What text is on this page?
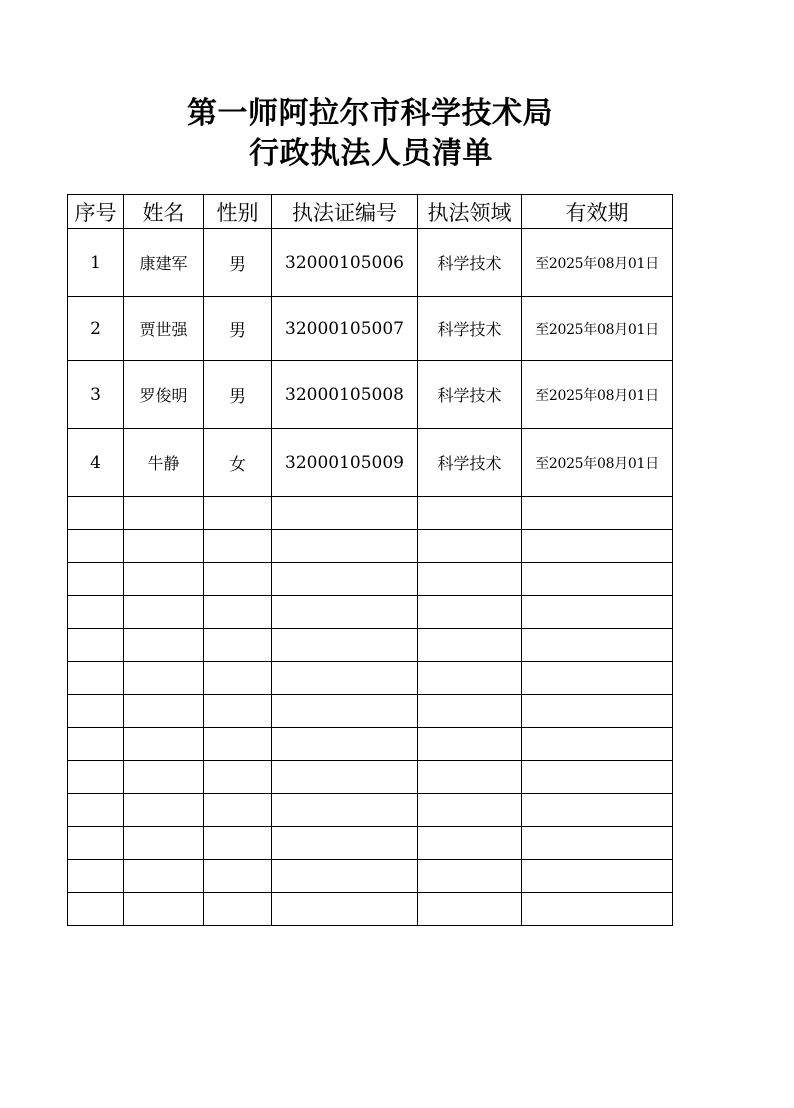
第一师阿拉尔市科学技术局
行政执法人员清单
序号	姓名	性别	执法证编号	执法领域	有效期
1	康建军	男	32000105006	科学技术	至2025年08月01日
2	贾世强	男	32000105007	科学技术	至2025年08月01日
3	罗俊明	男	32000105008	科学技术	至2025年08月01日
4	牛静	女	32000105009	科学技术	至2025年08月01日
